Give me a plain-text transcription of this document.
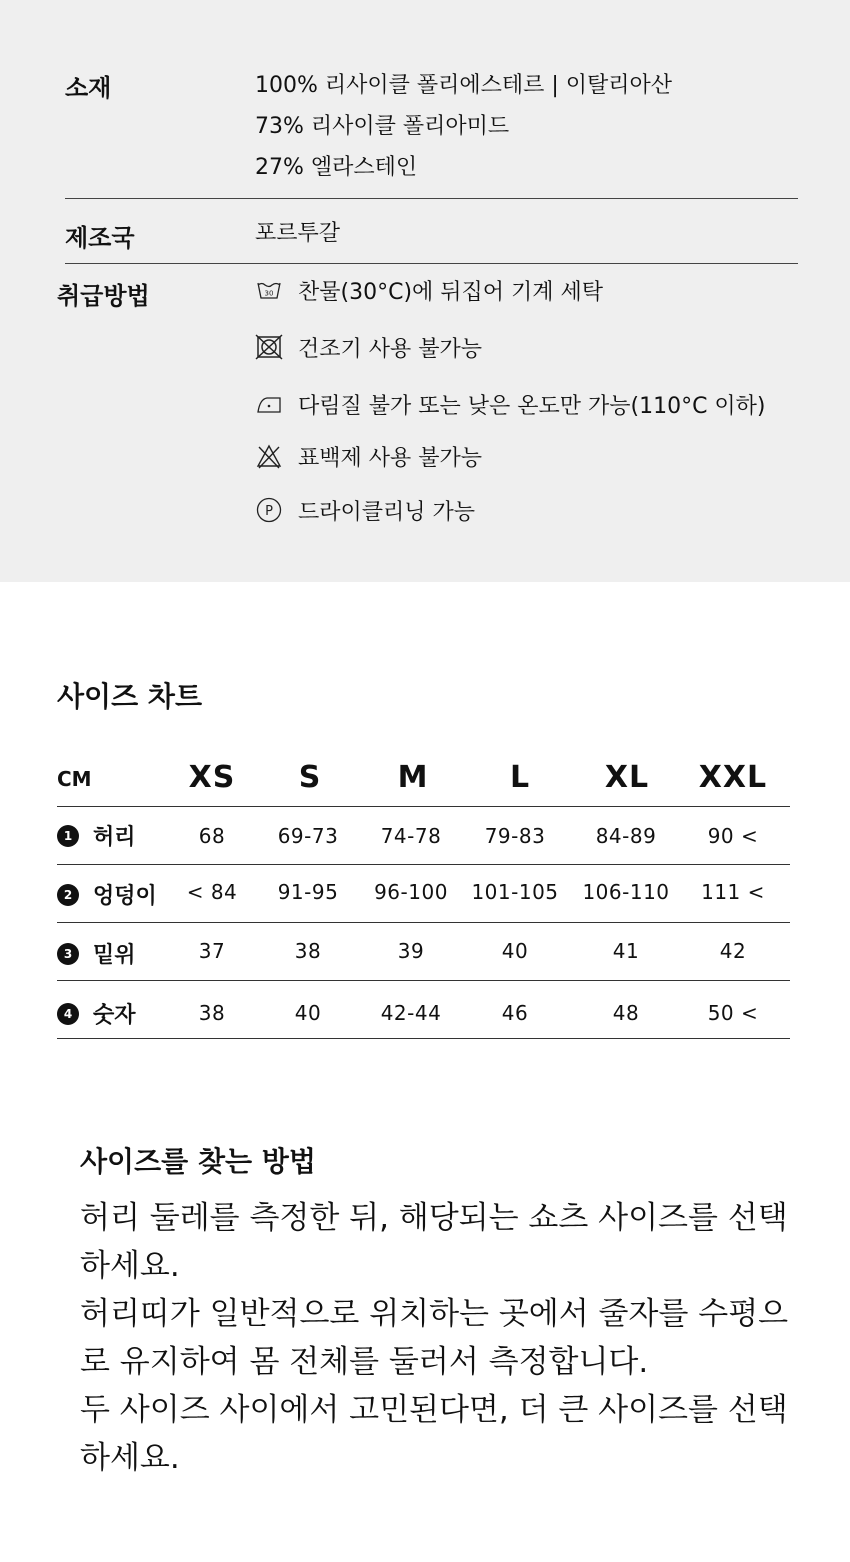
소재	100% 리사이클 폴리에스테르 | 이탈리아산
73% 리사이클 폴리아미드
27% 엘라스테인
제조국	포르투갈
취급방법	30 찬물(30°C)에 뒤집어 기계 세탁
건조기 사용 불가능
다림질 불가 또는 낮은 온도만 가능(110°C 이하)
표백제 사용 불가능
P 드라이클리닝 가능
사이즈 차트
CM	XS	S	M	L	XL	XXL
1 허리	68	69-73	74-78	79-83	84-89	90 <
2 엉덩이	< 84	91-95	96-100	101-105	106-110	111 <
3 밑위	37	38	39	40	41	42
4 숫자	38	40	42-44	46	48	50 <
사이즈를 찾는 방법
허리 둘레를 측정한 뒤, 해당되는 쇼츠 사이즈를 선택
하세요.
허리띠가 일반적으로 위치하는 곳에서 줄자를 수평으
로 유지하여 몸 전체를 둘러서 측정합니다.
두 사이즈 사이에서 고민된다면, 더 큰 사이즈를 선택
하세요.
